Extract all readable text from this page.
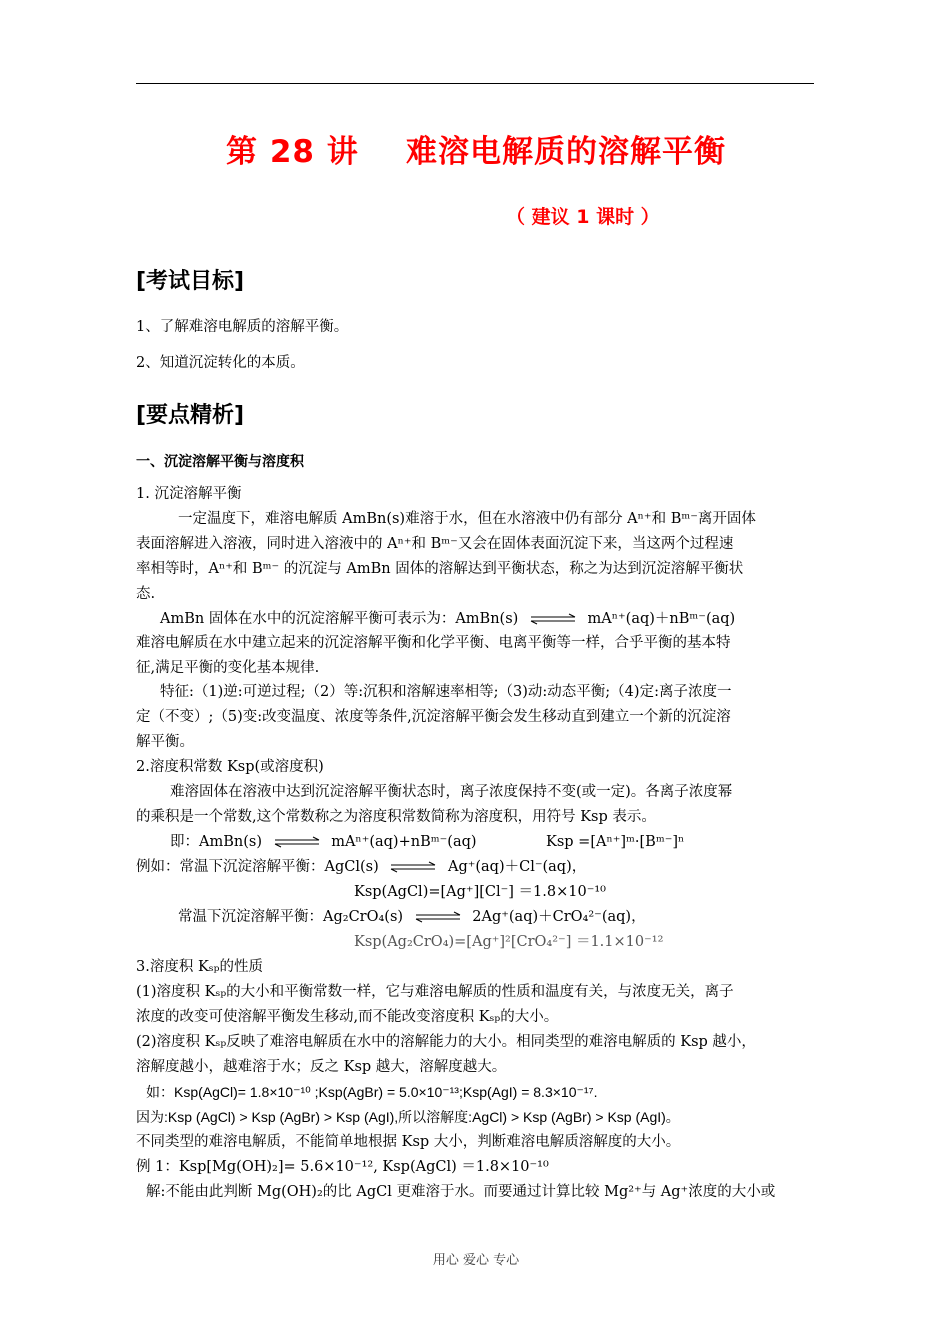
第 28 讲    难溶电解质的溶解平衡
（ 建议 1 课时 ）
[考试目标]
1、了解难溶电解质的溶解平衡。
2、知道沉淀转化的本质。
[要点精析]
一、沉淀溶解平衡与溶度积
1. 沉淀溶解平衡
一定温度下，难溶电解质 AmBn(s)难溶于水，但在水溶液中仍有部分 Aⁿ⁺和 Bᵐ⁻离开固体
表面溶解进入溶液，同时进入溶液中的 Aⁿ⁺和 Bᵐ⁻又会在固体表面沉淀下来，当这两个过程速
率相等时，Aⁿ⁺和 Bᵐ⁻ 的沉淀与 AmBn 固体的溶解达到平衡状态，称之为达到沉淀溶解平衡状
态.
AmBn 固体在水中的沉淀溶解平衡可表示为：AmBn(s) ⇌ mAⁿ⁺(aq)＋nBᵐ⁻(aq)
难溶电解质在水中建立起来的沉淀溶解平衡和化学平衡、电离平衡等一样，合乎平衡的基本特
征,满足平衡的变化基本规律.
特征:（1)逆:可逆过程;（2）等:沉积和溶解速率相等;（3)动:动态平衡;（4)定:离子浓度一
定（不变）;（5)变:改变温度、浓度等条件,沉淀溶解平衡会发生移动直到建立一个新的沉淀溶
解平衡。
2.溶度积常数 Ksp(或溶度积)
难溶固体在溶液中达到沉淀溶解平衡状态时，离子浓度保持不变(或一定)。各离子浓度幂
的乘积是一个常数,这个常数称之为溶度积常数简称为溶度积，用符号 Ksp 表示。
即：AmBn(s) ⇌ mAⁿ⁺(aq)+nBᵐ⁻(aq)	Ksp =[Aⁿ⁺]ᵐ·[Bᵐ⁻]ⁿ
例如：常温下沉淀溶解平衡：AgCl(s) ⇌ Ag⁺(aq)＋Cl⁻(aq)，
Ksp(AgCl)=[Ag⁺][Cl⁻] ＝1.8×10⁻¹⁰
常温下沉淀溶解平衡：Ag₂CrO₄(s) ⇌ 2Ag⁺(aq)＋CrO₄²⁻(aq)，
Ksp(Ag₂CrO₄)=[Ag⁺]²[CrO₄²⁻] ＝1.1×10⁻¹²
3.溶度积 Kₛₚ的性质
(1)溶度积 Kₛₚ的大小和平衡常数一样，它与难溶电解质的性质和温度有关，与浓度无关，离子
浓度的改变可使溶解平衡发生移动,而不能改变溶度积 Kₛₚ的大小。
(2)溶度积 Kₛₚ反映了难溶电解质在水中的溶解能力的大小。相同类型的难溶电解质的 Ksp 越小，
溶解度越小，越难溶于水；反之 Ksp 越大，溶解度越大。
如：Ksp(AgCl)= 1.8×10⁻¹⁰ ;Ksp(AgBr) = 5.0×10⁻¹³;Ksp(AgI) = 8.3×10⁻¹⁷.
因为:Ksp (AgCl) > Ksp (AgBr) > Ksp (AgI),所以溶解度:AgCl) > Ksp (AgBr) > Ksp (AgI)。
不同类型的难溶电解质，不能简单地根据 Ksp 大小，判断难溶电解质溶解度的大小。
例 1：Ksp[Mg(OH)₂]= 5.6×10⁻¹², Ksp(AgCl) ＝1.8×10⁻¹⁰
解:不能由此判断 Mg(OH)₂的比 AgCl 更难溶于水。而要通过计算比较 Mg²⁺与 Ag⁺浓度的大小或
用心 爱心 专心
